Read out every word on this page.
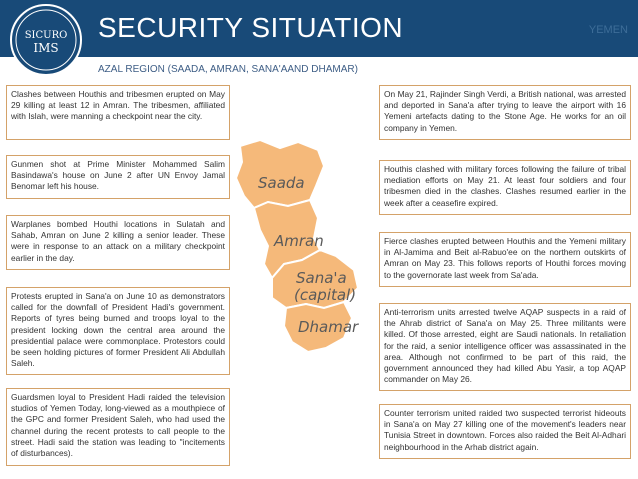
SECURITY SITUATION	YEMEN
SICURO
IMS
AZAL REGION (SAADA, AMRAN, SANA'AAND DHAMAR)
Saada
Amran
Sana'a
(capital)
Dhamar
Clashes between Houthis and tribesmen erupted on May 29 killing at least 12 in Amran. The tribesmen, affiliated with Islah, were manning a checkpoint near the city.
Gunmen shot at Prime Minister Mohammed Salim Basindawa's house on June 2 after UN Envoy Jamal Benomar left his house.
Warplanes bombed Houthi locations in Sulatah and Sahab, Amran on June 2 killing a senior leader. These were in response to an attack on a military checkpoint earlier in the day.
Protests erupted in Sana'a on June 10 as demonstrators called for the downfall of President Hadi's government. Reports of tyres being burned and troops loyal to the president locking down the central area around the presidential palace were commonplace. Protestors could be seen holding pictures of former President Ali Abdullah Saleh.
Guardsmen loyal to President Hadi raided the television studios of Yemen Today, long-viewed as a mouthpiece of the GPC and former President Saleh, who had used the channel during the recent protests to call people to the street. Hadi said the station was leading to "incitements of disturbances).
On May 21, Rajinder Singh Verdi, a British national, was arrested and deported in Sana'a after trying to leave the airport with 16 Yemeni artefacts dating to the Stone Age. He works for an oil company in Yemen.
Houthis clashed with military forces following the failure of tribal mediation efforts on May 21. At least four soldiers and four tribesmen died in the clashes. Clashes resumed earlier in the week after a ceasefire expired.
Fierce clashes erupted between Houthis and the Yemeni military in Al-Jamima and Beit al-Rabuo'ee on the northern outskirts of Amran on May 23. This follows reports of Houthi forces moving to the governorate last week from Sa'ada.
Anti-terrorism units arrested twelve AQAP suspects in a raid of the Ahrab district of Sana'a on May 25. Three militants were killed. Of those arrested, eight are Saudi nationals. In retaliation for the raid, a senior intelligence officer was assassinated in the area. Although not confirmed to be part of this raid, the government announced they had killed Abu Yasir, a top AQAP commander on May 26.
Counter terrorism united raided two suspected terrorist hideouts in Sana'a on May 27 killing one of the movement's leaders near Tunisia Street in downtown. Forces also raided the Beit Al-Adhari neighbourhood in the Arhab district again.
